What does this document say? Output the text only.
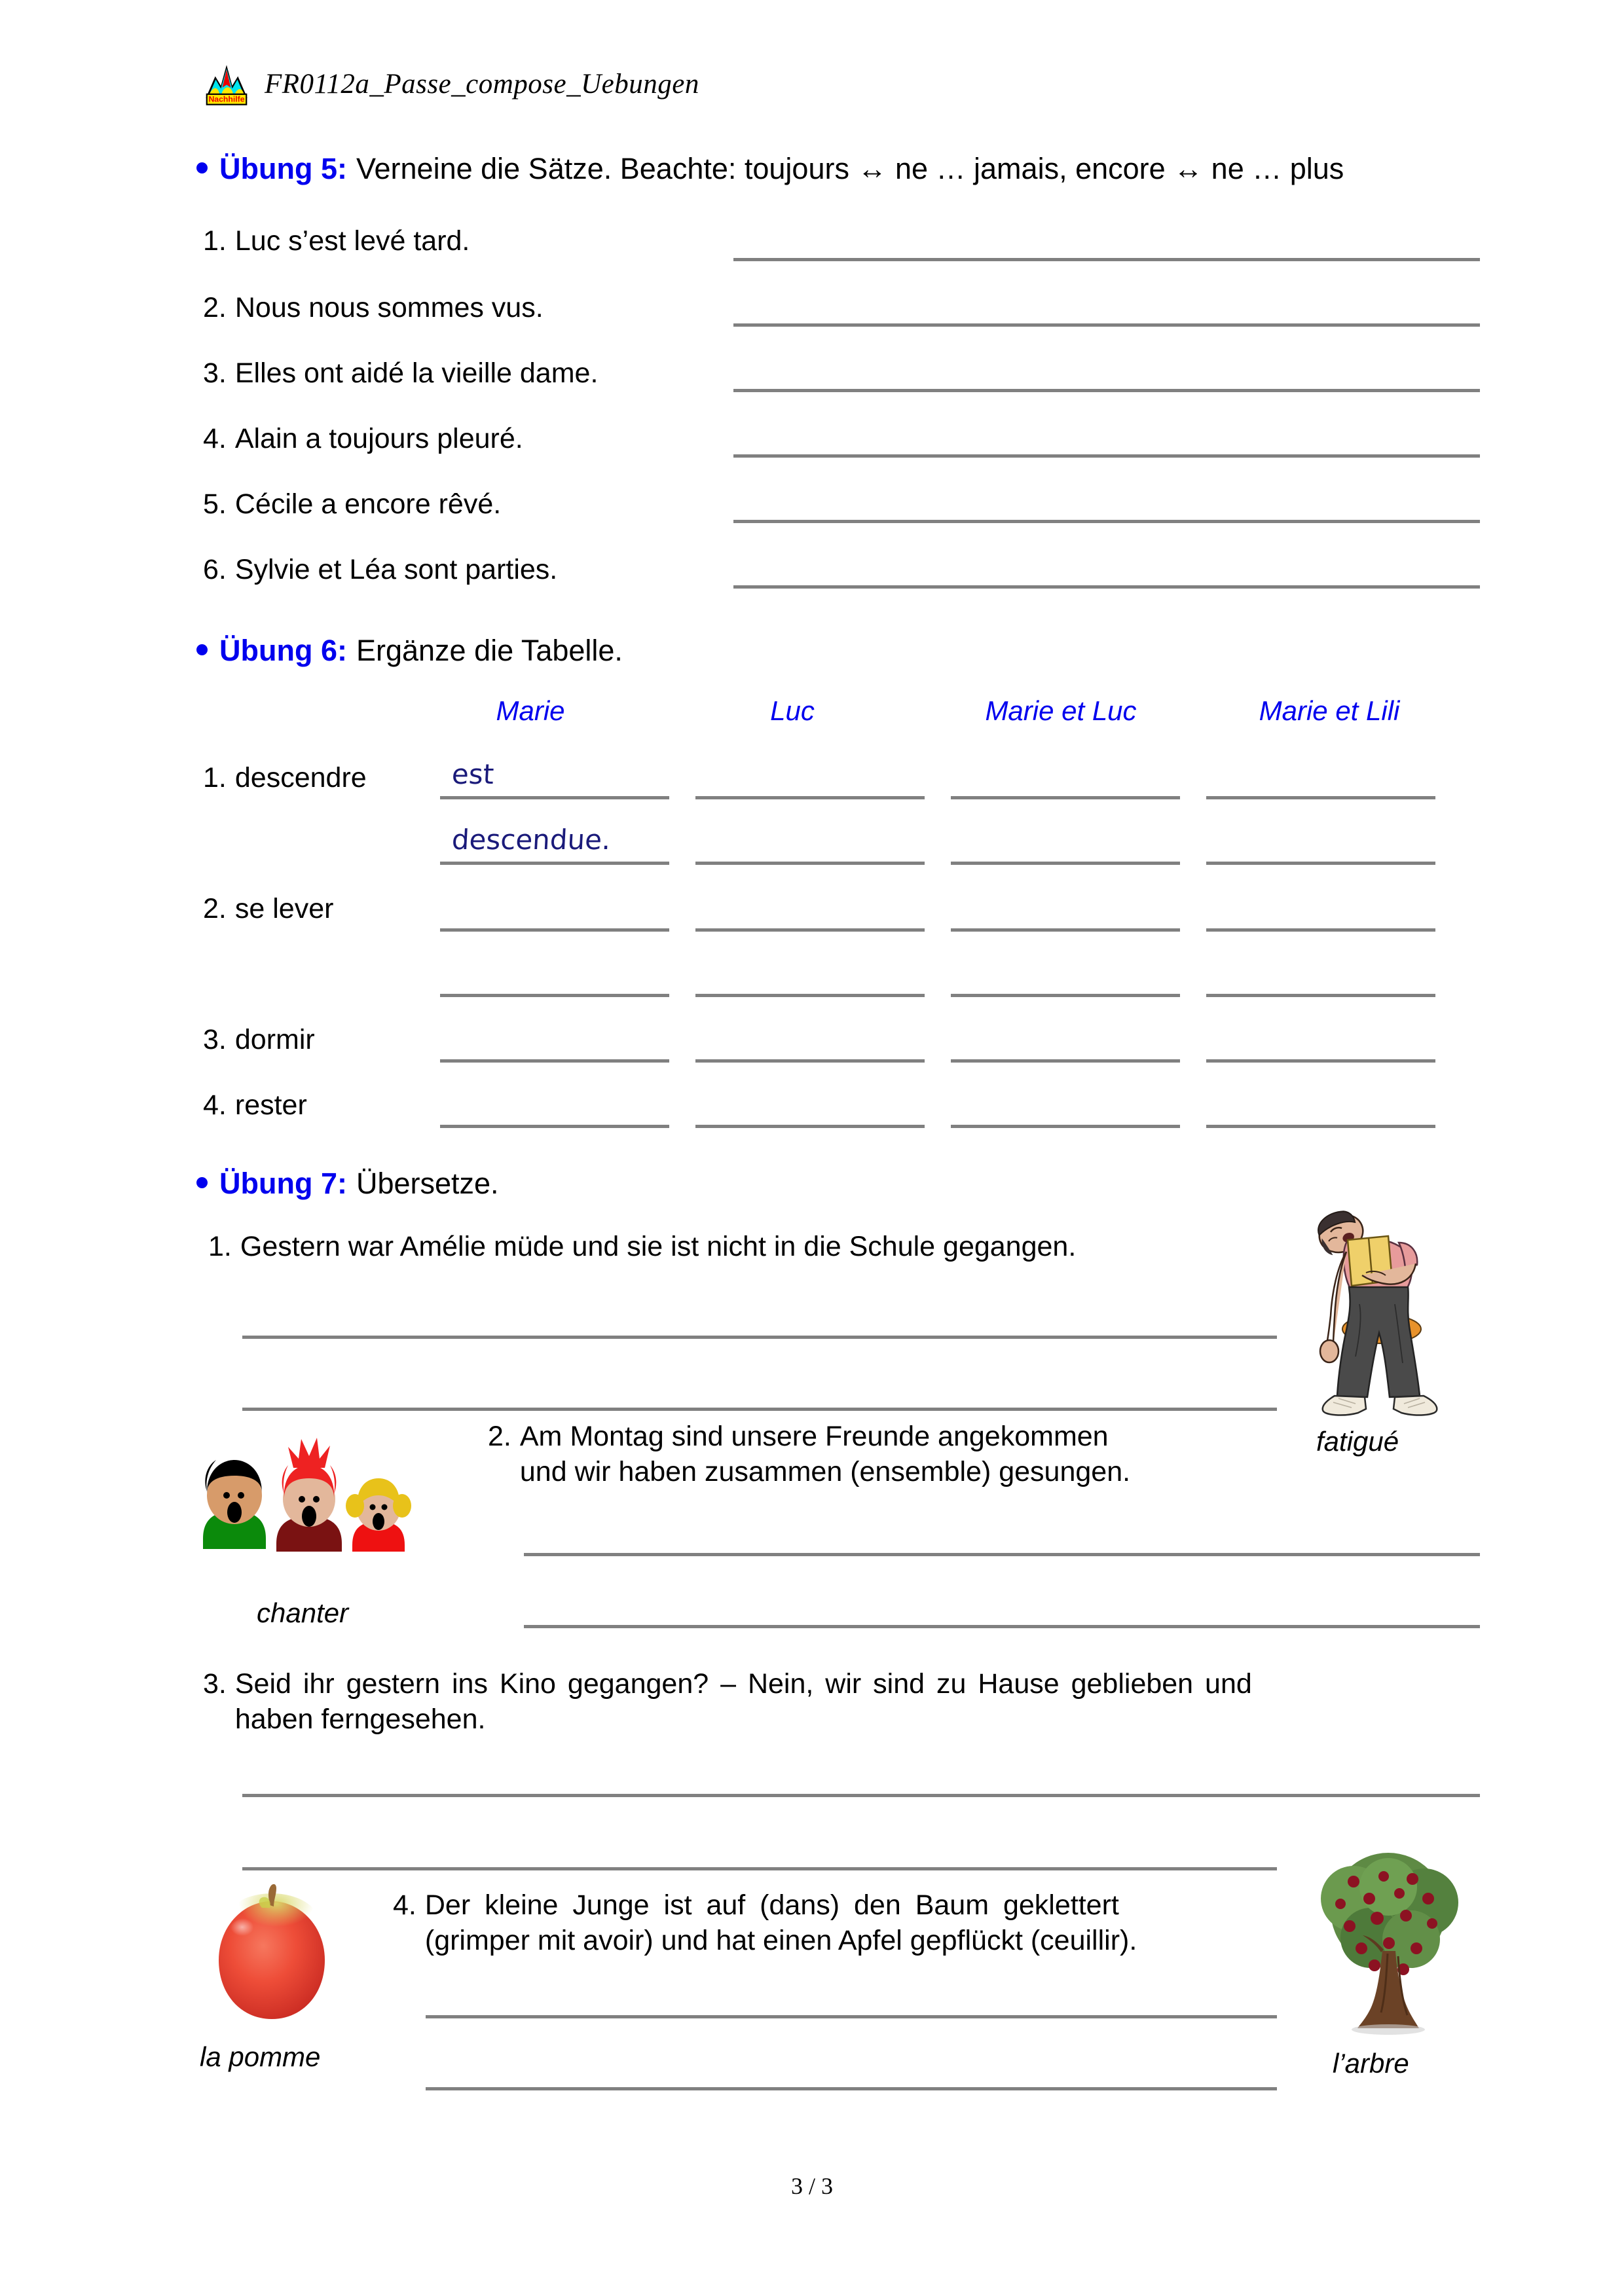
Nachhilfe FR0112a_Passe_compose_Uebungen
Übung 5: Verneine die Sätze. Beachte: toujours ↔ ne … jamais, encore ↔ ne … plus
1. Luc s’est levé tard.
2. Nous nous sommes vus.
3. Elles ont aidé la vieille dame.
4. Alain a toujours pleuré.
5. Cécile a encore rêvé.
6. Sylvie et Léa sont parties.
Übung 6: Ergänze die Tabelle.
Marie	Luc	Marie et Luc	Marie et Lili
1. descendre	est
descendue.
2. se lever
3. dormir
4. rester
Übung 7: Übersetze.
1. Gestern war Amélie müde und sie ist nicht in die Schule gegangen.
fatigué
2. Am Montag sind unsere Freunde angekommen
und wir haben zusammen (ensemble) gesungen.
chanter
3. Seid ihr gestern ins Kino gegangen? – Nein, wir sind zu Hause geblieben und
haben ferngesehen.
4. Der kleine Junge ist auf (dans) den Baum geklettert
(grimper mit avoir) und hat einen Apfel gepflückt (ceuillir).
la pomme	l’arbre
3 / 3
